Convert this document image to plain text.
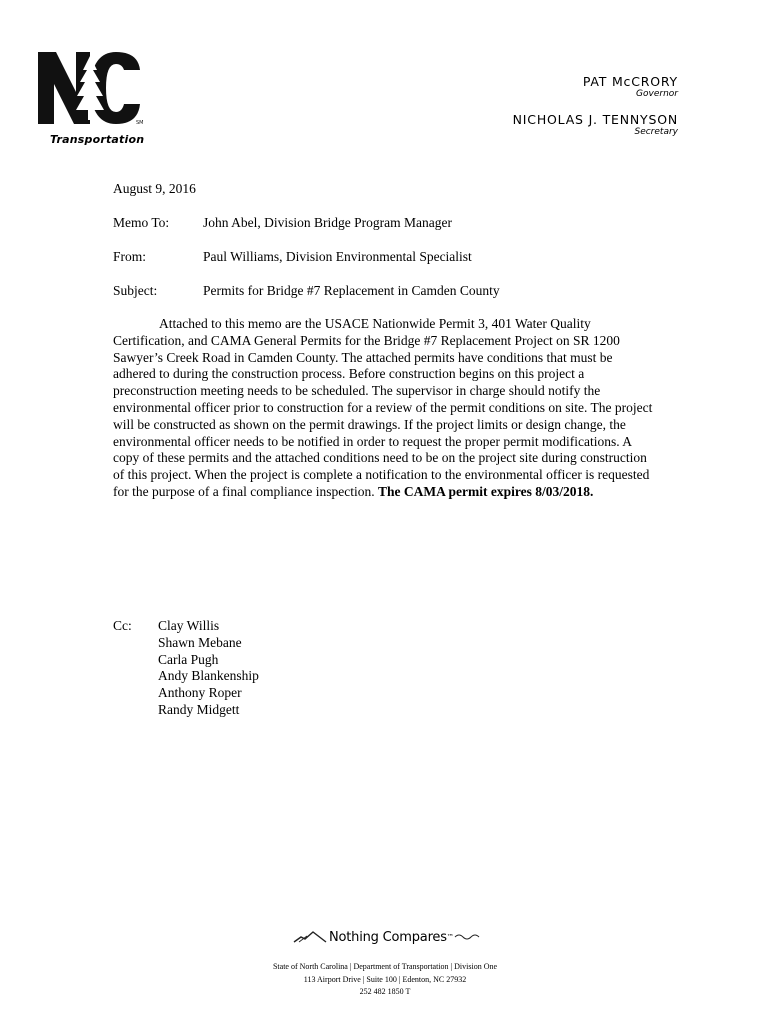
SM
Transportation
PAT McCRORY
Governor
NICHOLAS J. TENNYSON
Secretary
August 9, 2016
Memo To:	John Abel, Division Bridge Program Manager
From:	Paul Williams, Division Environmental Specialist
Subject:	Permits for Bridge #7 Replacement in Camden County
Attached to this memo are the USACE Nationwide Permit 3, 401 Water Quality Certification, and CAMA General Permits for the Bridge #7 Replacement Project on SR 1200 Sawyer’s Creek Road in Camden County. The attached permits have conditions that must be adhered to during the construction process. Before construction begins on this project a preconstruction meeting needs to be scheduled. The supervisor in charge should notify the environmental officer prior to construction for a review of the permit conditions on site. The project will be constructed as shown on the permit drawings. If the project limits or design change, the environmental officer needs to be notified in order to request the proper permit modifications. A copy of these permits and the attached conditions need to be on the project site during construction of this project. When the project is complete a notification to the environmental officer is requested for the purpose of a final compliance inspection. The CAMA permit expires 8/03/2018.
Cc:	Clay Willis
Shawn Mebane
Carla Pugh
Andy Blankenship
Anthony Roper
Randy Midgett
Nothing Compares ™
State of North Carolina | Department of Transportation | Division One
113 Airport Drive | Suite 100 | Edenton, NC 27932
252 482 1850 T
